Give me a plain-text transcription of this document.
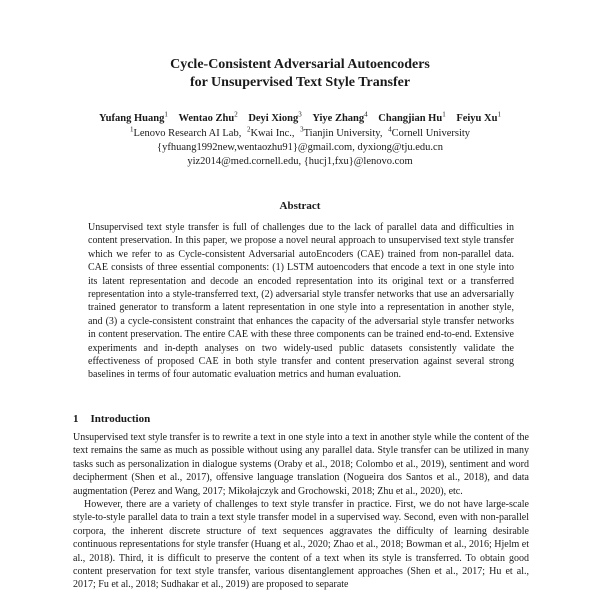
Cycle-Consistent Adversarial Autoencoders
for Unsupervised Text Style Transfer
Yufang Huang$^1$ Wentao Zhu$^2$ Deyi Xiong$^3$ Yiye Zhang$^4$ Changjian Hu$^1$ Feiyu Xu$^1$
$^1$Lenovo Research AI Lab, $^2$Kwai Inc., $^3$Tianjin University, $^4$Cornell University
{yfhuang1992new,wentaozhu91}@gmail.com, dyxiong@tju.edu.cn
yiz2014@med.cornell.edu, {hucj1,fxu}@lenovo.com
Abstract
Unsupervised text style transfer is full of challenges due to the lack of parallel data and difficulties in content preservation. In this paper, we propose a novel neural approach to unsupervised text style transfer which we refer to as Cycle-consistent Adversarial autoEncoders (CAE) trained from non-parallel data. CAE consists of three essential components: (1) LSTM autoencoders that encode a text in one style into its latent representation and decode an encoded representation into its original text or a transferred representation into a style-transferred text, (2) adversarial style transfer networks that use an adversarially trained generator to transform a latent representation in one style into a representation in another style, and (3) a cycle-consistent constraint that enhances the capacity of the adversarial style transfer networks in content preservation. The entire CAE with these three components can be trained end-to-end. Extensive experiments and in-depth analyses on two widely-used public datasets consistently validate the effectiveness of proposed CAE in both style transfer and content preservation against several strong baselines in terms of four automatic evaluation metrics and human evaluation.
1 Introduction

Unsupervised text style transfer is to rewrite a text in one style into a text in another style while the content of the text remains the same as much as possible without using any parallel data. Style transfer can be utilized in many tasks such as personalization in dialogue systems (Oraby et al., 2018; Colombo et al., 2019), sentiment and word decipherment (Shen et al., 2017), offensive language translation (Nogueira dos Santos et al., 2018), and data augmentation (Perez and Wang, 2017; Mikołajczyk and Grochowski, 2018; Zhu et al., 2020), etc.

However, there are a variety of challenges to text style transfer in practice. First, we do not have large-scale style-to-style parallel data to train a text style transfer model in a supervised way. Second, even with non-parallel corpora, the inherent discrete structure of text sequences aggravates the difficulty of learning desirable continuous representations for style transfer (Huang et al., 2020; Zhao et al., 2018; Bowman et al., 2016; Hjelm et al., 2018). Third, it is difficult to preserve the content of a text when its style is transferred. To obtain good content preservation for text style transfer, various disentanglement approaches (Shen et al., 2017; Hu et al., 2017; Fu et al., 2018; Sudhakar et al., 2019) are proposed to separate
